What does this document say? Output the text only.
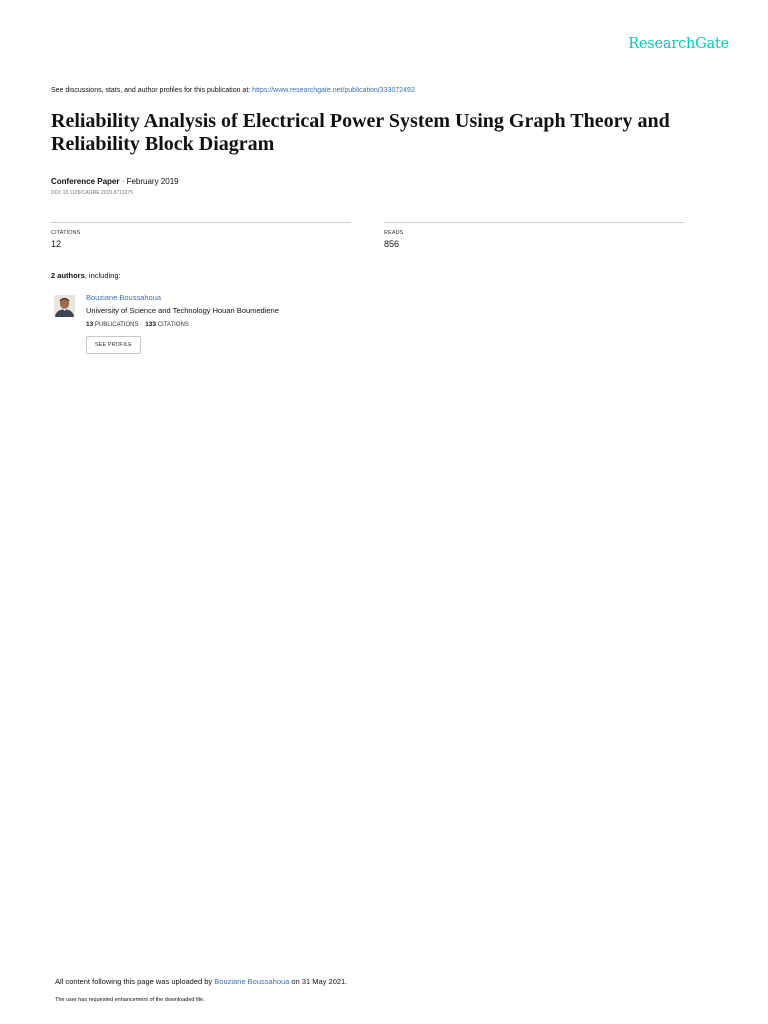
ResearchGate
See discussions, stats, and author profiles for this publication at: https://www.researchgate.net/publication/333072492
Reliability Analysis of Electrical Power System Using Graph Theory and Reliability Block Diagram
Conference Paper · February 2019
DOI: 10.1109/CAGRE.2019.8713275
CITATIONS
12
READS
856
2 authors, including:
Bouziane Boussahoua
University of Science and Technology Houari Boumediene
13 PUBLICATIONS 133 CITATIONS
SEE PROFILE
All content following this page was uploaded by Bouziane Boussahoua on 31 May 2021.
The user has requested enhancement of the downloaded file.
